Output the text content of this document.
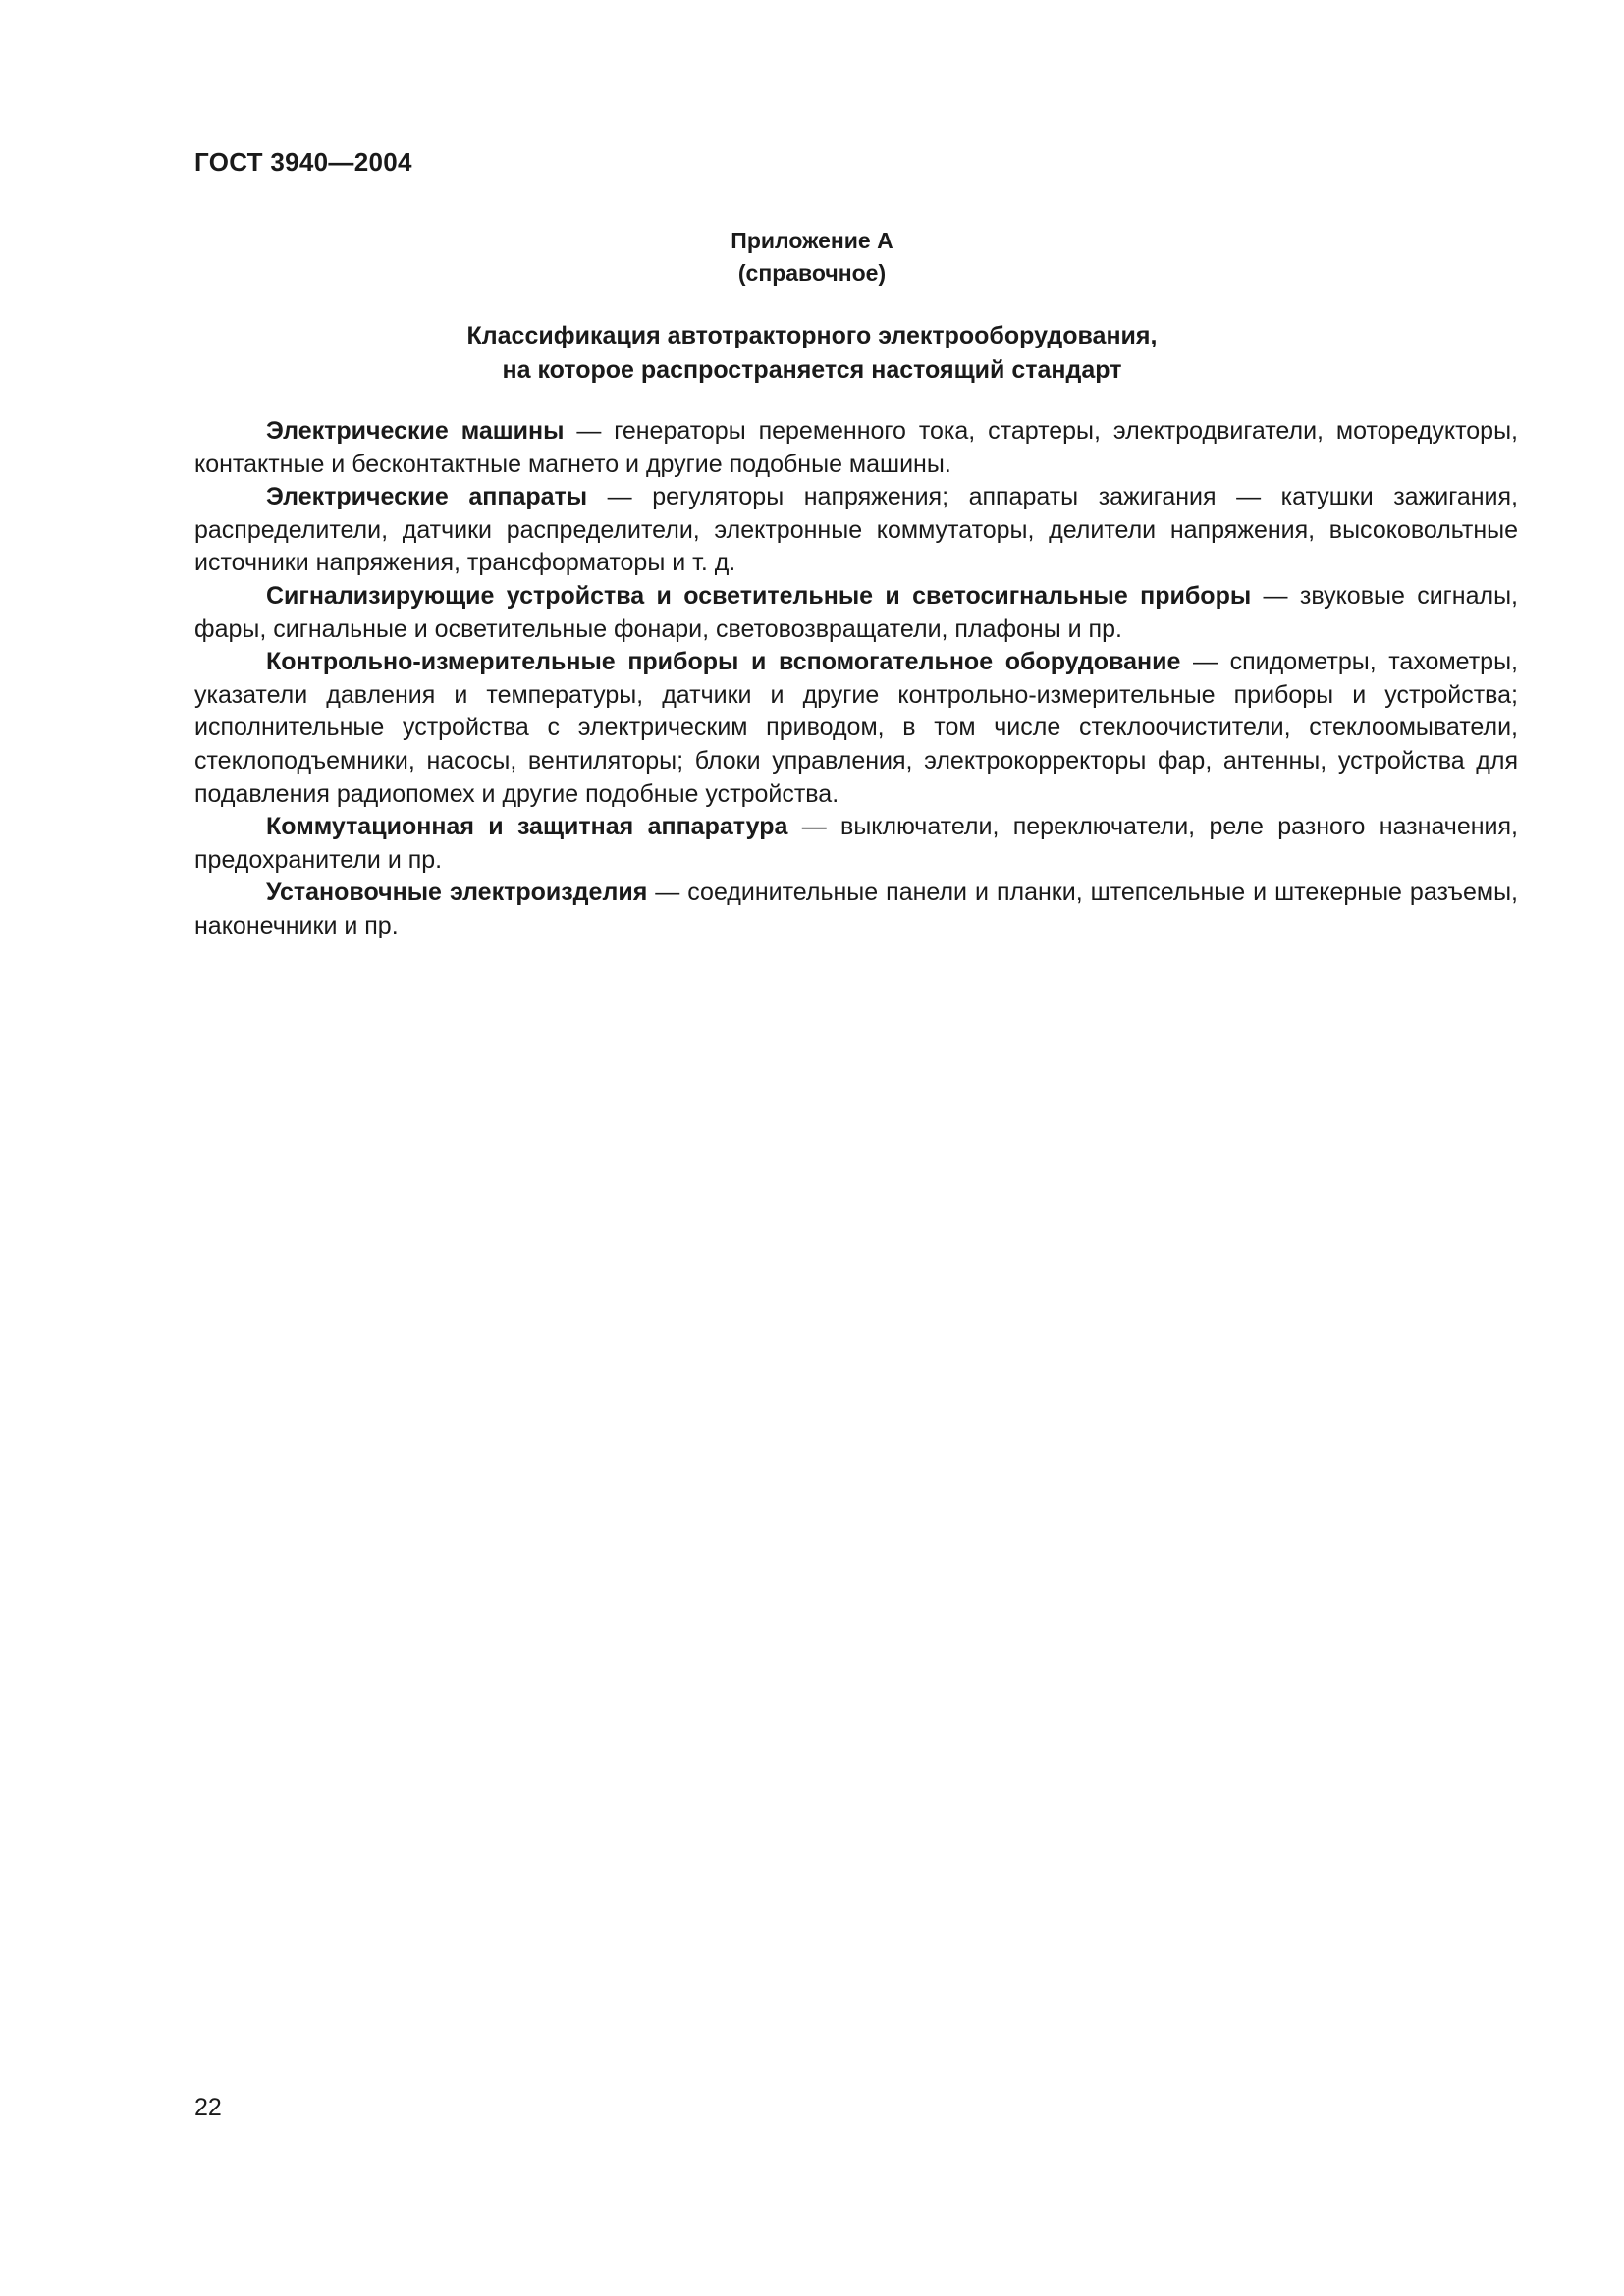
ГОСТ 3940—2004
Приложение А
(справочное)
Классификация автотракторного электрооборудования,
на которое распространяется настоящий стандарт

Электрические машины — генераторы переменного тока, стартеры, электродвигатели, моторедукторы, контактные и бесконтактные магнето и другие подобные машины.

Электрические аппараты — регуляторы напряжения; аппараты зажигания — катушки зажигания, распределители, датчики распределители, электронные коммутаторы, делители напряжения, высоковольтные источники напряжения, трансформаторы и т. д.

Сигнализирующие устройства и осветительные и светосигнальные приборы — звуковые сигналы, фары, сигнальные и осветительные фонари, световозвращатели, плафоны и пр.

Контрольно-измерительные приборы и вспомогательное оборудование — спидометры, тахометры, указатели давления и температуры, датчики и другие контрольно-измерительные приборы и устройства; исполнительные устройства с электрическим приводом, в том числе стеклоочистители, стеклоомыватели, стеклоподъемники, насосы, вентиляторы; блоки управления, электрокорректоры фар, антенны, устройства для подавления радиопомех и другие подобные устройства.

Коммутационная и защитная аппаратура — выключатели, переключатели, реле разного назначения, предохранители и пр.

Установочные электроизделия — соединительные панели и планки, штепсельные и штекерные разъемы, наконечники и пр.

22
